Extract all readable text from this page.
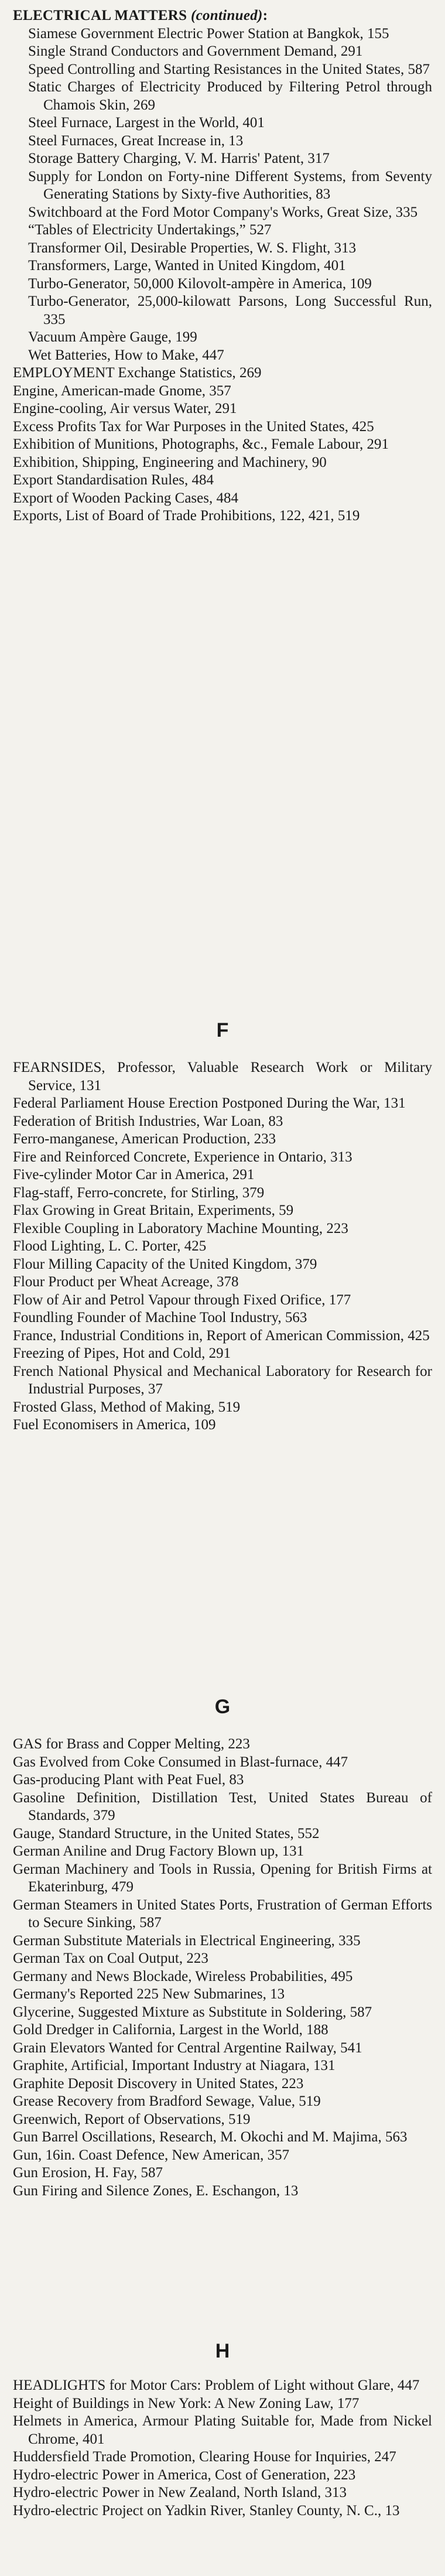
ELECTRICAL MATTERS (continued):

Siamese Government Electric Power Station at Bangkok, 155

Single Strand Conductors and Government Demand, 291

Speed Controlling and Starting Resistances in the United States, 587

Static Charges of Electricity Produced by Filtering Petrol through Chamois Skin, 269

Steel Furnace, Largest in the World, 401

Steel Furnaces, Great Increase in, 13

Storage Battery Charging, V. M. Harris' Patent, 317

Supply for London on Forty-nine Different Systems, from Seventy Generating Stations by Sixty-five Authorities, 83

Switchboard at the Ford Motor Company's Works, Great Size, 335

“Tables of Electricity Undertakings,” 527

Transformer Oil, Desirable Properties, W. S. Flight, 313

Transformers, Large, Wanted in United Kingdom, 401

Turbo-Generator, 50,000 Kilovolt-ampère in America, 109

Turbo-Generator, 25,000-kilowatt Parsons, Long Successful Run, 335

Vacuum Ampère Gauge, 199

Wet Batteries, How to Make, 447

EMPLOYMENT Exchange Statistics, 269

Engine, American-made Gnome, 357

Engine-cooling, Air versus Water, 291

Excess Profits Tax for War Purposes in the United States, 425

Exhibition of Munitions, Photographs, &c., Female Labour, 291

Exhibition, Shipping, Engineering and Machinery, 90

Export Standardisation Rules, 484

Export of Wooden Packing Cases, 484

Exports, List of Board of Trade Prohibitions, 122, 421, 519

F

FEARNSIDES, Professor, Valuable Research Work or Military Service, 131

Federal Parliament House Erection Postponed During the War, 131

Federation of British Industries, War Loan, 83

Ferro-manganese, American Production, 233

Fire and Reinforced Concrete, Experience in Ontario, 313

Five-cylinder Motor Car in America, 291

Flag-staff, Ferro-concrete, for Stirling, 379

Flax Growing in Great Britain, Experiments, 59

Flexible Coupling in Laboratory Machine Mounting, 223

Flood Lighting, L. C. Porter, 425

Flour Milling Capacity of the United Kingdom, 379

Flour Product per Wheat Acreage, 378

Flow of Air and Petrol Vapour through Fixed Orifice, 177

Foundling Founder of Machine Tool Industry, 563

France, Industrial Conditions in, Report of American Commission, 425

Freezing of Pipes, Hot and Cold, 291

French National Physical and Mechanical Laboratory for Research for Industrial Purposes, 37

Frosted Glass, Method of Making, 519

Fuel Economisers in America, 109

G

GAS for Brass and Copper Melting, 223

Gas Evolved from Coke Consumed in Blast-furnace, 447

Gas-producing Plant with Peat Fuel, 83

Gasoline Definition, Distillation Test, United States Bureau of Standards, 379

Gauge, Standard Structure, in the United States, 552

German Aniline and Drug Factory Blown up, 131

German Machinery and Tools in Russia, Opening for British Firms at Ekaterinburg, 479

German Steamers in United States Ports, Frustration of German Efforts to Secure Sinking, 587

German Substitute Materials in Electrical Engineering, 335

German Tax on Coal Output, 223

Germany and News Blockade, Wireless Probabilities, 495

Germany's Reported 225 New Submarines, 13

Glycerine, Suggested Mixture as Substitute in Soldering, 587

Gold Dredger in California, Largest in the World, 188

Grain Elevators Wanted for Central Argentine Railway, 541

Graphite, Artificial, Important Industry at Niagara, 131

Graphite Deposit Discovery in United States, 223

Grease Recovery from Bradford Sewage, Value, 519

Greenwich, Report of Observations, 519

Gun Barrel Oscillations, Research, M. Okochi and M. Majima, 563

Gun, 16in. Coast Defence, New American, 357

Gun Erosion, H. Fay, 587

Gun Firing and Silence Zones, E. Eschangon, 13

H

HEADLIGHTS for Motor Cars: Problem of Light without Glare, 447

Height of Buildings in New York: A New Zoning Law, 177

Helmets in America, Armour Plating Suitable for, Made from Nickel Chrome, 401

Huddersfield Trade Promotion, Clearing House for Inquiries, 247

Hydro-electric Power in America, Cost of Generation, 223

Hydro-electric Power in New Zealand, North Island, 313

Hydro-electric Project on Yadkin River, Stanley County, N. C., 13
